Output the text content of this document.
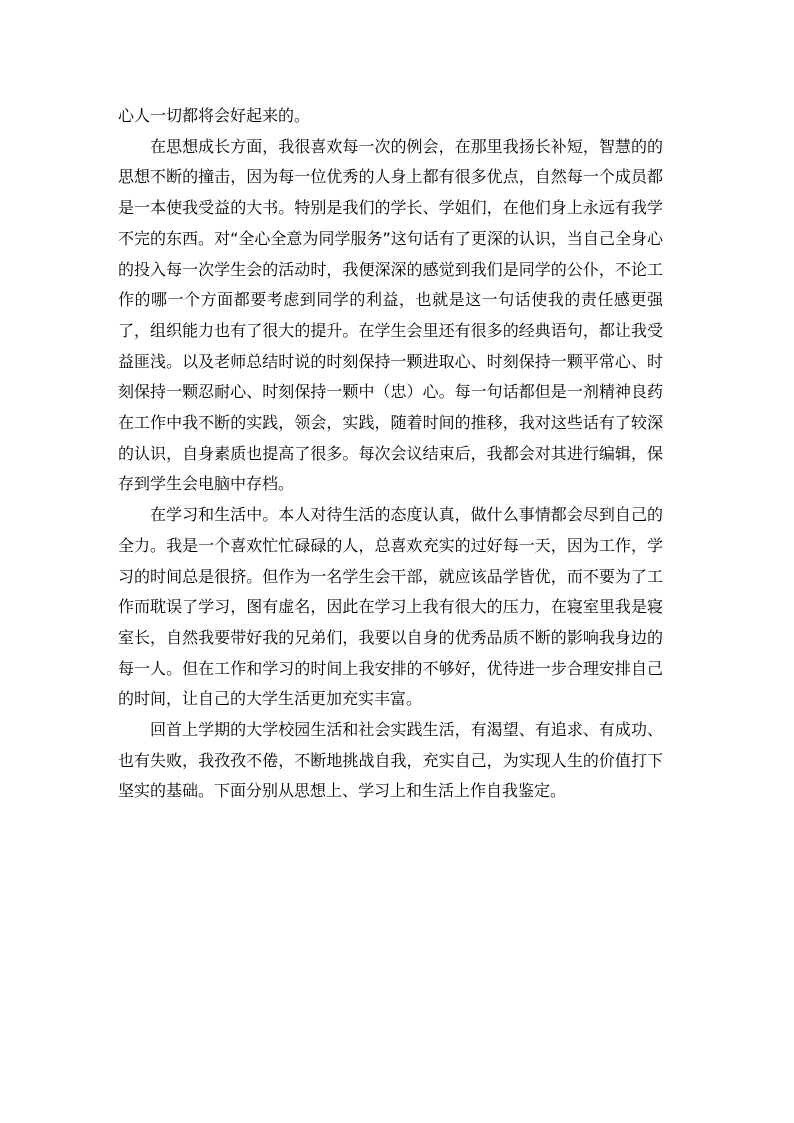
心人一切都将会好起来的。

在思想成长方面，我很喜欢每一次的例会，在那里我扬长补短，智慧的的思想不断的撞击，因为每一位优秀的人身上都有很多优点，自然每一个成员都是一本使我受益的大书。特别是我们的学长、学姐们，在他们身上永远有我学不完的东西。对“全心全意为同学服务”这句话有了更深的认识，当自己全身心的投入每一次学生会的活动时，我便深深的感觉到我们是同学的公仆，不论工作的哪一个方面都要考虑到同学的利益，也就是这一句话使我的责任感更强了，组织能力也有了很大的提升。在学生会里还有很多的经典语句，都让我受益匪浅。以及老师总结时说的时刻保持一颗进取心、时刻保持一颗平常心、时刻保持一颗忍耐心、时刻保持一颗中（忠）心。每一句话都但是一剂精神良药在工作中我不断的实践，领会，实践，随着时间的推移，我对这些话有了较深的认识，自身素质也提高了很多。每次会议结束后，我都会对其进行编辑，保存到学生会电脑中存档。

在学习和生活中。本人对待生活的态度认真，做什么事情都会尽到自己的全力。我是一个喜欢忙忙碌碌的人，总喜欢充实的过好每一天，因为工作，学习的时间总是很挤。但作为一名学生会干部，就应该品学皆优，而不要为了工作而耽误了学习，图有虚名，因此在学习上我有很大的压力，在寝室里我是寝室长，自然我要带好我的兄弟们，我要以自身的优秀品质不断的影响我身边的每一人。但在工作和学习的时间上我安排的不够好，优待进一步合理安排自己的时间，让自己的大学生活更加充实丰富。

回首上学期的大学校园生活和社会实践生活，有渴望、有追求、有成功、也有失败，我孜孜不倦，不断地挑战自我，充实自己，为实现人生的价值打下坚实的基础。下面分别从思想上、学习上和生活上作自我鉴定。
